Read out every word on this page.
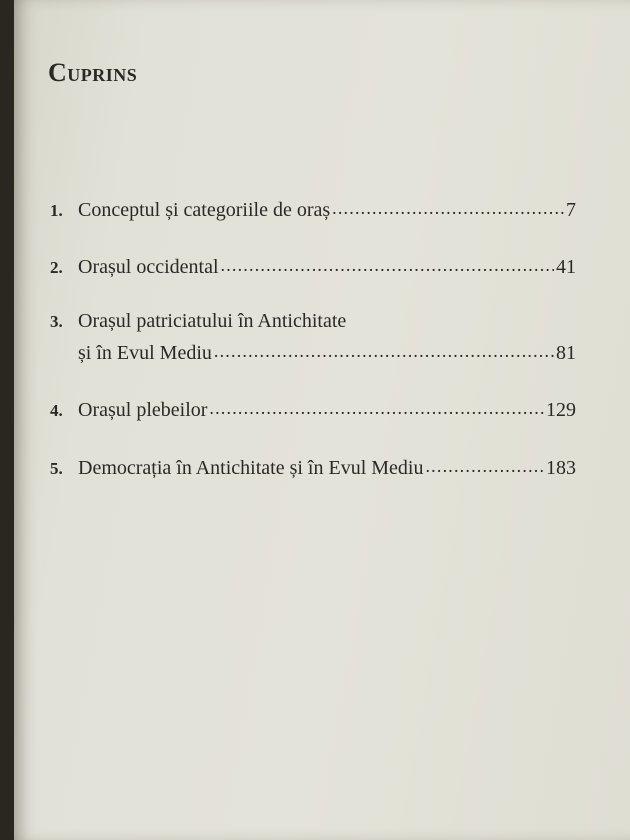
Cuprins
1. Conceptul și categoriile de oraș .....	7
2. Orașul occidental .....	41
3. Orașul patriciatului în Antichitate
și în Evul Mediu .....	81
4. Orașul plebeilor .....	129
5. Democrația în Antichitate și în Evul Mediu .....	183
